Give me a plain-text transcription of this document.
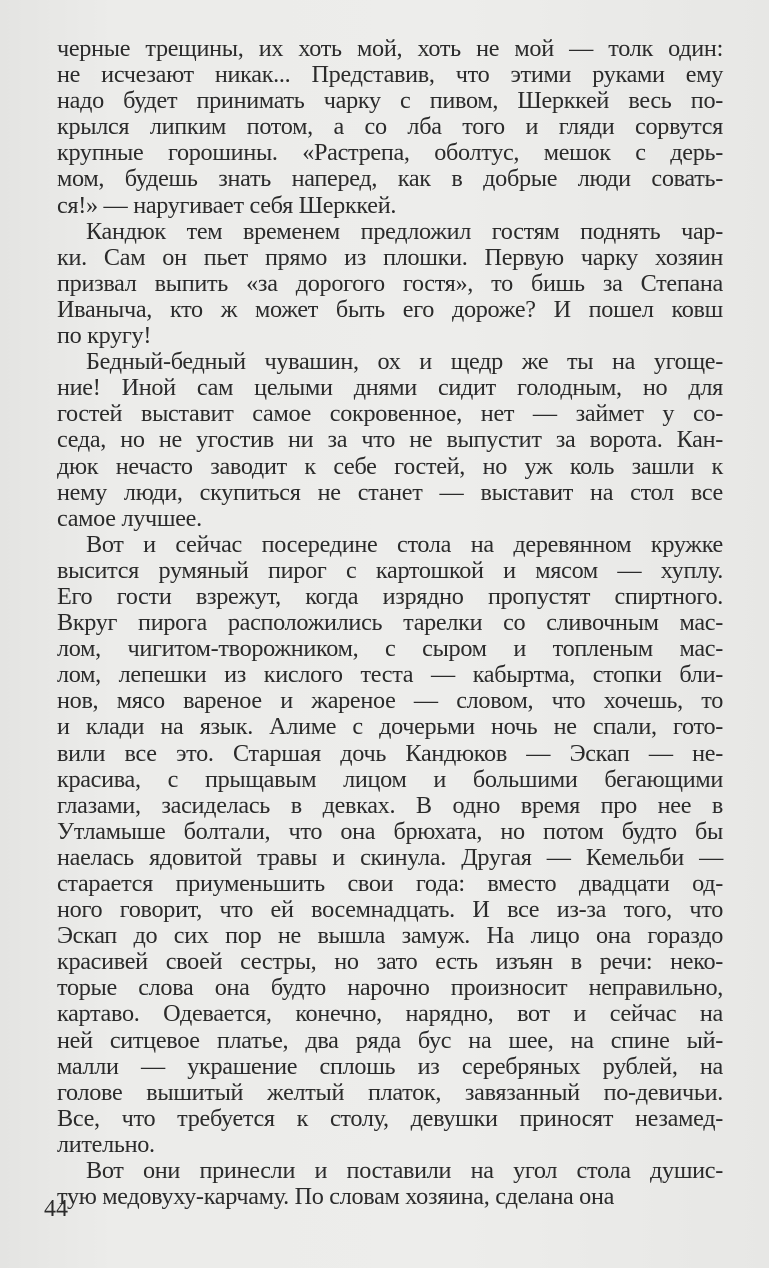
черные трещины, их хоть мой, хоть не мой — толк один:
не исчезают никак... Представив, что этими руками ему
надо будет принимать чарку с пивом, Шерккей весь по-
крылся липким потом, а со лба того и гляди сорвутся
крупные горошины. «Растрепа, оболтус, мешок с дерь-
мом, будешь знать наперед, как в добрые люди совать-
ся!» — наругивает себя Шерккей.
Кандюк тем временем предложил гостям поднять чар-
ки. Сам он пьет прямо из плошки. Первую чарку хозяин
призвал выпить «за дорогого гостя», то бишь за Степана
Иваныча, кто ж может быть его дороже? И пошел ковш
по кругу!
Бедный-бедный чувашин, ох и щедр же ты на угоще-
ние! Иной сам целыми днями сидит голодным, но для
гостей выставит самое сокровенное, нет — займет у со-
седа, но не угостив ни за что не выпустит за ворота. Кан-
дюк нечасто заводит к себе гостей, но уж коль зашли к
нему люди, скупиться не станет — выставит на стол все
самое лучшее.
Вот и сейчас посередине стола на деревянном кружке
высится румяный пирог с картошкой и мясом — хуплу.
Его гости взрежут, когда изрядно пропустят спиртного.
Вкруг пирога расположились тарелки со сливочным мас-
лом, чигитом-творожником, с сыром и топленым мас-
лом, лепешки из кислого теста — кабыртма, стопки бли-
нов, мясо вареное и жареное — словом, что хочешь, то
и клади на язык. Алиме с дочерьми ночь не спали, гото-
вили все это. Старшая дочь Кандюков — Эскап — не-
красива, с прыщавым лицом и большими бегающими
глазами, засиделась в девках. В одно время про нее в
Утламыше болтали, что она брюхата, но потом будто бы
наелась ядовитой травы и скинула. Другая — Кемельби —
старается приуменьшить свои года: вместо двадцати од-
ного говорит, что ей восемнадцать. И все из-за того, что
Эскап до сих пор не вышла замуж. На лицо она гораздо
красивей своей сестры, но зато есть изъян в речи: неко-
торые слова она будто нарочно произносит неправильно,
картаво. Одевается, конечно, нарядно, вот и сейчас на
ней ситцевое платье, два ряда бус на шее, на спине ый-
малли — украшение сплошь из серебряных рублей, на
голове вышитый желтый платок, завязанный по-девичьи.
Все, что требуется к столу, девушки приносят незамед-
лительно.
Вот они принесли и поставили на угол стола душис-
тую медовуху-карчаму. По словам хозяина, сделана она
44
